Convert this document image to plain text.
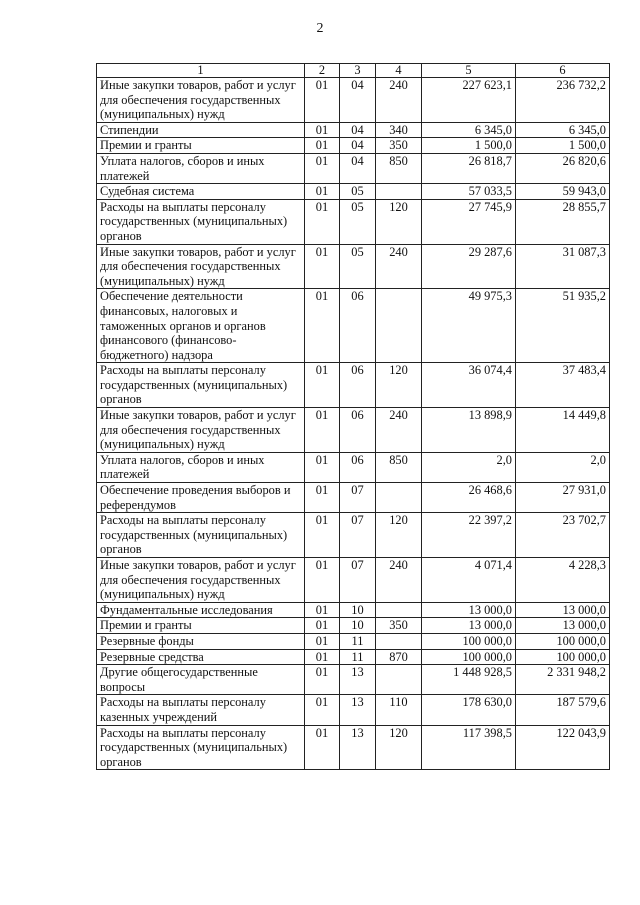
2
1	2	3	4	5	6
Иные закупки товаров, работ и услуг для обеспечения государственных (муниципальных) нужд	01	04	240	227 623,1	236 732,2
Стипендии	01	04	340	6 345,0	6 345,0
Премии и гранты	01	04	350	1 500,0	1 500,0
Уплата налогов, сборов и иных платежей	01	04	850	26 818,7	26 820,6
Судебная система	01	05		57 033,5	59 943,0
Расходы на выплаты персоналу государственных (муниципальных) органов	01	05	120	27 745,9	28 855,7
Иные закупки товаров, работ и услуг для обеспечения государственных (муниципальных) нужд	01	05	240	29 287,6	31 087,3
Обеспечение деятельности финансовых, налоговых и таможенных органов и органов финансового (финансово-бюджетного) надзора	01	06		49 975,3	51 935,2
Расходы на выплаты персоналу государственных (муниципальных) органов	01	06	120	36 074,4	37 483,4
Иные закупки товаров, работ и услуг для обеспечения государственных (муниципальных) нужд	01	06	240	13 898,9	14 449,8
Уплата налогов, сборов и иных платежей	01	06	850	2,0	2,0
Обеспечение проведения выборов и референдумов	01	07		26 468,6	27 931,0
Расходы на выплаты персоналу государственных (муниципальных) органов	01	07	120	22 397,2	23 702,7
Иные закупки товаров, работ и услуг для обеспечения государственных (муниципальных) нужд	01	07	240	4 071,4	4 228,3
Фундаментальные исследования	01	10		13 000,0	13 000,0
Премии и гранты	01	10	350	13 000,0	13 000,0
Резервные фонды	01	11		100 000,0	100 000,0
Резервные средства	01	11	870	100 000,0	100 000,0
Другие общегосударственные вопросы	01	13		1 448 928,5	2 331 948,2
Расходы на выплаты персоналу казенных учреждений	01	13	110	178 630,0	187 579,6
Расходы на выплаты персоналу государственных (муниципальных) органов	01	13	120	117 398,5	122 043,9
